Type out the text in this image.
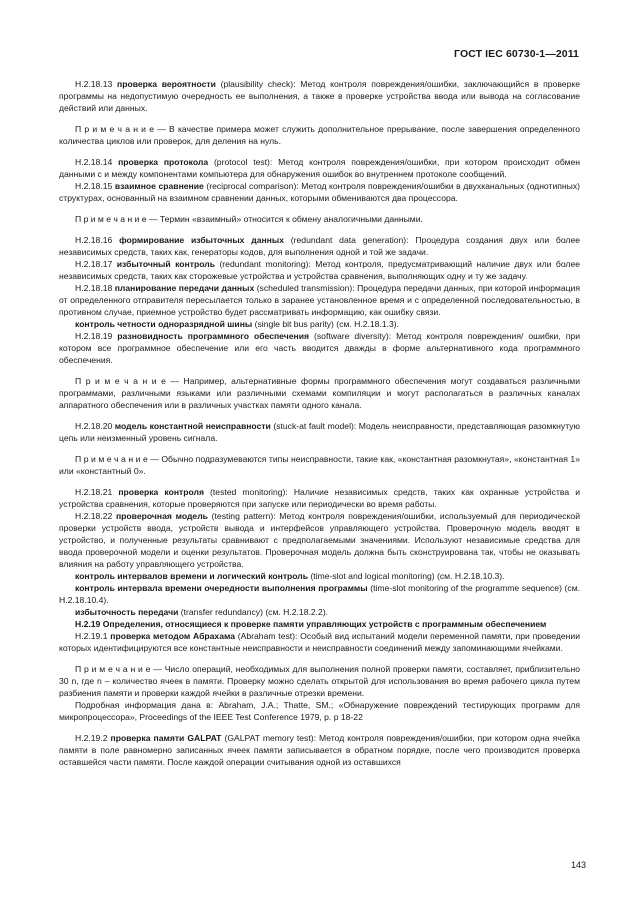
ГОСТ IEC 60730-1—2011

H.2.18.13 проверка вероятности (plausibility check): Метод контроля повреждения/ошибки, заключающийся в проверке программы на недопустимую очередность ее выполнения, а также в проверке устройства ввода или вывода на согласование действий или данных.

П р и м е ч а н и е — В качестве примера может служить дополнительное прерывание, после завершения определенного количества циклов или проверок, для деления на нуль.

H.2.18.14 проверка протокола (protocol test): Метод контроля повреждения/ошибки, при котором происходит обмен данными с и между компонентами компьютера для обнаружения ошибок во внутреннем протоколе сообщений.

H.2.18.15 взаимное сравнение (reciprocal comparison): Метод контроля повреждения/ошибки в двухканальных (однотипных) структурах, основанный на взаимном сравнении данных, которыми обмениваются два процессора.

П р и м е ч а н и е — Термин «взаимный» относится к обмену аналогичными данными.

H.2.18.16 формирование избыточных данных (redundant data generation): Процедура создания двух или более независимых средств, таких как, генераторы кодов, для выполнения одной и той же задачи.

H.2.18.17 избыточный контроль (redundant monitoring): Метод контроля, предусматривающий наличие двух или более независимых средств, таких как сторожевые устройства и устройства сравнения, выполняющих одну и ту же задачу.

H.2.18.18 планирование передачи данных (scheduled transmission): Процедура передачи данных, при которой информация от определенного отправителя пересылается только в заранее установленное время и с определенной последовательностью, в противном случае, приемное устройство будет рассматривать информацию, как ошибку связи.

контроль четности одноразрядной шины (single bit bus parity) (см. H.2.18.1.3).

H.2.18.19 разновидность программного обеспечения (software diversity): Метод контроля повреждения/ ошибки, при котором все программное обеспечение или его часть вводится дважды в форме альтернативного кода программного обеспечения.

П р и м е ч а н и е — Например, альтернативные формы программного обеспечения могут создаваться различными программами, различными языками или различными схемами компиляции и могут располагаться в различных каналах аппаратного обеспечения или в различных участках памяти одного канала.

H.2.18.20 модель константной неисправности (stuck-at fault model): Модель неисправности, представляющая разомкнутую цепь или неизменный уровень сигнала.

П р и м е ч а н и е — Обычно подразумеваются типы неисправности, такие как, «константная разомкнутая», «константная 1» или «константный 0».

H.2.18.21 проверка контроля (tested monitoring): Наличие независимых средств, таких как охранные устройства и устройства сравнения, которые проверяются при запуске или периодически во время работы.

H.2.18.22 проверочная модель (testing pattern): Метод контроля повреждения/ошибки, используемый для периодической проверки устройств ввода, устройств вывода и интерфейсов управляющего устройства. Проверочную модель вводят в устройство, и полученные результаты сравнивают с предполагаемыми значениями. Используют независимые средства для ввода проверочной модели и оценки результатов. Проверочная модель должна быть сконструирована так, чтобы не оказывать влияния на работу управляющего устройства.

контроль интервалов времени и логический контроль (time-slot and logical monitoring) (см. H.2.18.10.3).

контроль интервала времени очередности выполнения программы (time-slot monitoring of the programme sequence) (см. H.2.18.10.4).

избыточность передачи (transfer redundancy) (см. H.2.18.2.2).

H.2.19 Определения, относящиеся к проверке памяти управляющих устройств с программным обеспечением

H.2.19.1 проверка методом Абрахама (Abraham test): Особый вид испытаний модели переменной памяти, при проведении которых идентифицируются все константные неисправности и неисправности соединений между запоминающими ячейками.

П р и м е ч а н и е — Число операций, необходимых для выполнения полной проверки памяти, составляет, приблизительно 30 n, где n – количество ячеек в памяти. Проверку можно сделать открытой для использования во время рабочего цикла путем разбиения памяти и проверки каждой ячейки в различные отрезки времени.

Подробная информация дана в: Abraham, J.A.; Thatte, SM.; «Обнаружение повреждений тестирующих программ для микропроцессора», Proceedings of the IEEE Test Conference 1979, p. p 18-22

H.2.19.2 проверка памяти GALPAT (GALPAT memory test): Метод контроля повреждения/ошибки, при котором одна ячейка памяти в поле равномерно записанных ячеек памяти записывается в обратном порядке, после чего производится проверка оставшейся части памяти. После каждой операции считывания одной из оставшихся

143
